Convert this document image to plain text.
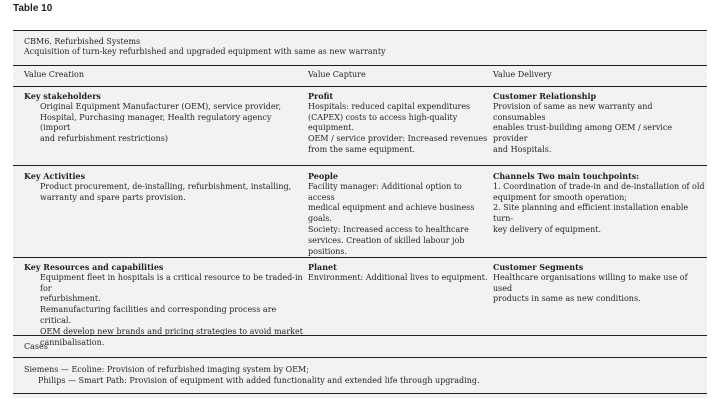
Table 10
CBM6. Refurbished Systems
Acquisition of turn-key refurbished and upgraded equipment with same as new warranty
Value Creation	Value Capture	Value Delivery
Key stakeholders
Original Equipment Manufacturer (OEM), service provider,
Hospital, Purchasing manager, Health regulatory agency (import
and refurbishment restrictions)
Profit
Hospitals: reduced capital expenditures
(CAPEX) costs to access high-quality
equipment.
OEM / service provider: Increased revenues
from the same equipment.
Customer Relationship
Provision of same as new warranty and consumables
enables trust-building among OEM / service provider
and Hospitals.
Key Activities
Product procurement, de-installing, refurbishment, installing,
warranty and spare parts provision.
People
Facility manager: Additional option to access
medical equipment and achieve business
goals.
Society: Increased access to healthcare
services. Creation of skilled labour job
positions.
Channels Two main touchpoints:
1. Coordination of trade-in and de-installation of old
equipment for smooth operation;
2. Site planning and efficient installation enable turn-
key delivery of equipment.
Key Resources and capabilities
Equipment fleet in hospitals is a critical resource to be traded-in for
refurbishment.
Remanufacturing facilities and corresponding process are critical.
OEM develop new brands and pricing strategies to avoid market
cannibalisation.
Planet
Environment: Additional lives to equipment.
Customer Segments
Healthcare organisations willing to make use of used
products in same as new conditions.
Cases
Siemens — Ecoline: Provision of refurbished imaging system by OEM;
Philips — Smart Path: Provision of equipment with added functionality and extended life through upgrading.
